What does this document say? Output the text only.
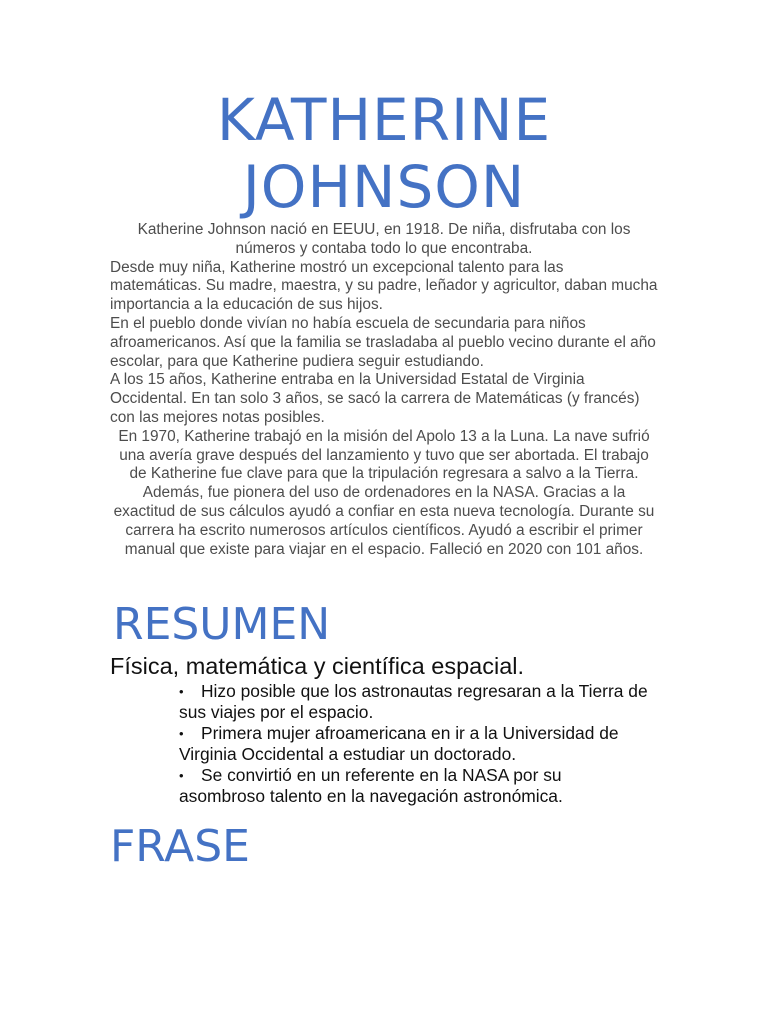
KATHERINE
JOHNSON

Katherine Johnson nació en EEUU, en 1918. De niña, disfrutaba con los números y contaba todo lo que encontraba.

Desde muy niña, Katherine mostró un excepcional talento para las matemáticas. Su madre, maestra, y su padre, leñador y agricultor, daban mucha importancia a la educación de sus hijos.

En el pueblo donde vivían no había escuela de secundaria para niños afroamericanos. Así que la familia se trasladaba al pueblo vecino durante el año escolar, para que Katherine pudiera seguir estudiando.

A los 15 años, Katherine entraba en la Universidad Estatal de Virginia Occidental. En tan solo 3 años, se sacó la carrera de Matemáticas (y francés) con las mejores notas posibles.

En 1970, Katherine trabajó en la misión del Apolo 13 a la Luna. La nave sufrió una avería grave después del lanzamiento y tuvo que ser abortada. El trabajo de Katherine fue clave para que la tripulación regresara a salvo a la Tierra.

Además, fue pionera del uso de ordenadores en la NASA. Gracias a la exactitud de sus cálculos ayudó a confiar en esta nueva tecnología. Durante su carrera ha escrito numerosos artículos científicos. Ayudó a escribir el primer manual que existe para viajar en el espacio. Falleció en 2020 con 101 años.

RESUMEN

Física, matemática y científica espacial.

• Hizo posible que los astronautas regresaran a la Tierra de sus viajes por el espacio.
• Primera mujer afroamericana en ir a la Universidad de Virginia Occidental a estudiar un doctorado.
• Se convirtió en un referente en la NASA por su asombroso talento en la navegación astronómica.
FRASE
